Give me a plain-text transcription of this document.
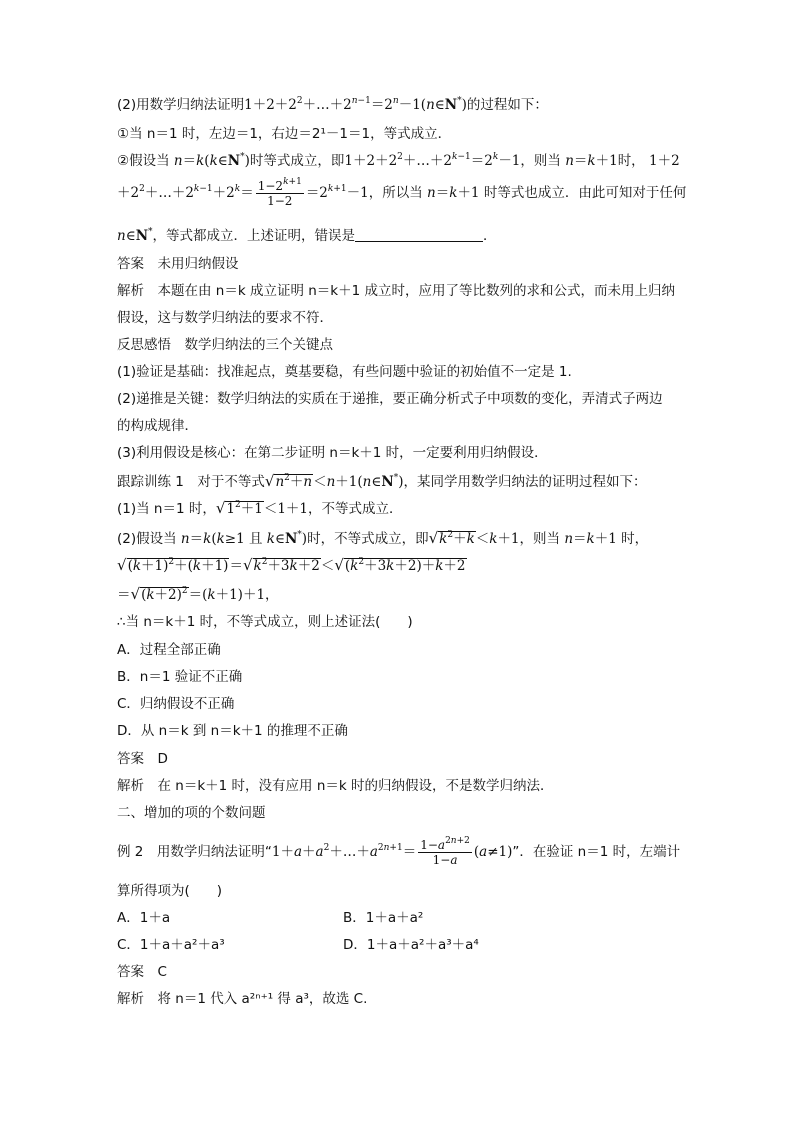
(2)用数学归纳法证明$1+2+2^2+\dots+2^{n-1}=2^n-1(n\in N^*)$的过程如下：
①当 n＝1 时，左边＝1，右边＝2¹－1＝1，等式成立．
②假设当 n＝k(k∈N*)时等式成立，即$1+2+2^2+\dots+2^{k-1}=2^k-1$，则当 n＝k＋1时， 1＋2
$+2^2+\dots+2^{k-1}+2^k= \frac{1-2^{k+1}}{1-2} =2^{k+1}-1$，所以当 n＝k＋1 时等式也成立．由此可知对于任何
n∈N*，等式都成立．上述证明，错误是	．
答案　 未用归纳假设
解析　 本题在由 n＝k 成立证明 n＝k＋1 成立时，应用了等比数列的求和公式，而未用上归纳
假设，这与数学归纳法的要求不符．
反思感悟　数学归纳法的三个关键点
(1)验证是基础：找准起点，奠基要稳，有些问题中验证的初始值不一定是 1.
(2)递推是关键：数学归纳法的实质在于递推，要正确分析式子中项数的变化，弄清式子两边
的构成规律．
(3)利用假设是核心：在第二步证明 n＝k＋1 时，一定要利用归纳假设．
跟踪训练 1　对于不等式$√n^2+n<n+1(n\in N^*)$，某同学用数学归纳法的证明过程如下：
(1)当 n＝1 时，$√1^2+1<1+1$，不等式成立．
(2)假设当 n＝k(k≥1 且 k∈N*)时，不等式成立，即$√k^2+k<k+1$，则当 n＝k＋1 时，
$√(k+1)^2+(k+1)=√k^2+3k+2<√(k^2+3k+2)+k+2$
$=√(k+2)^2=(k+1)+1$，
∴当 n＝k＋1 时，不等式成立，则上述证法(　　)
A．过程全部正确
B．n＝1 验证不正确
C．归纳假设不正确
D．从 n＝k 到 n＝k＋1 的推理不正确
答案　 D
解析　 在 n＝k＋1 时，没有应用 n＝k 时的归纳假设，不是数学归纳法．
二、增加的项的个数问题
例 2　用数学归纳法证明“$1+a+a^2+\dots+a^{2n+1}= \frac{1-a^{2n+2}}{1-a} (a\ne 1)$”．在验证 n＝1 时，左端计
算所得项为(　　)
A．1＋a	B．1＋a＋a²
C．1＋a＋a²＋a³	D．1＋a＋a²＋a³＋a⁴
答案　 C
解析　 将 n＝1 代入 a²ⁿ⁺¹ 得 a³，故选 C.
